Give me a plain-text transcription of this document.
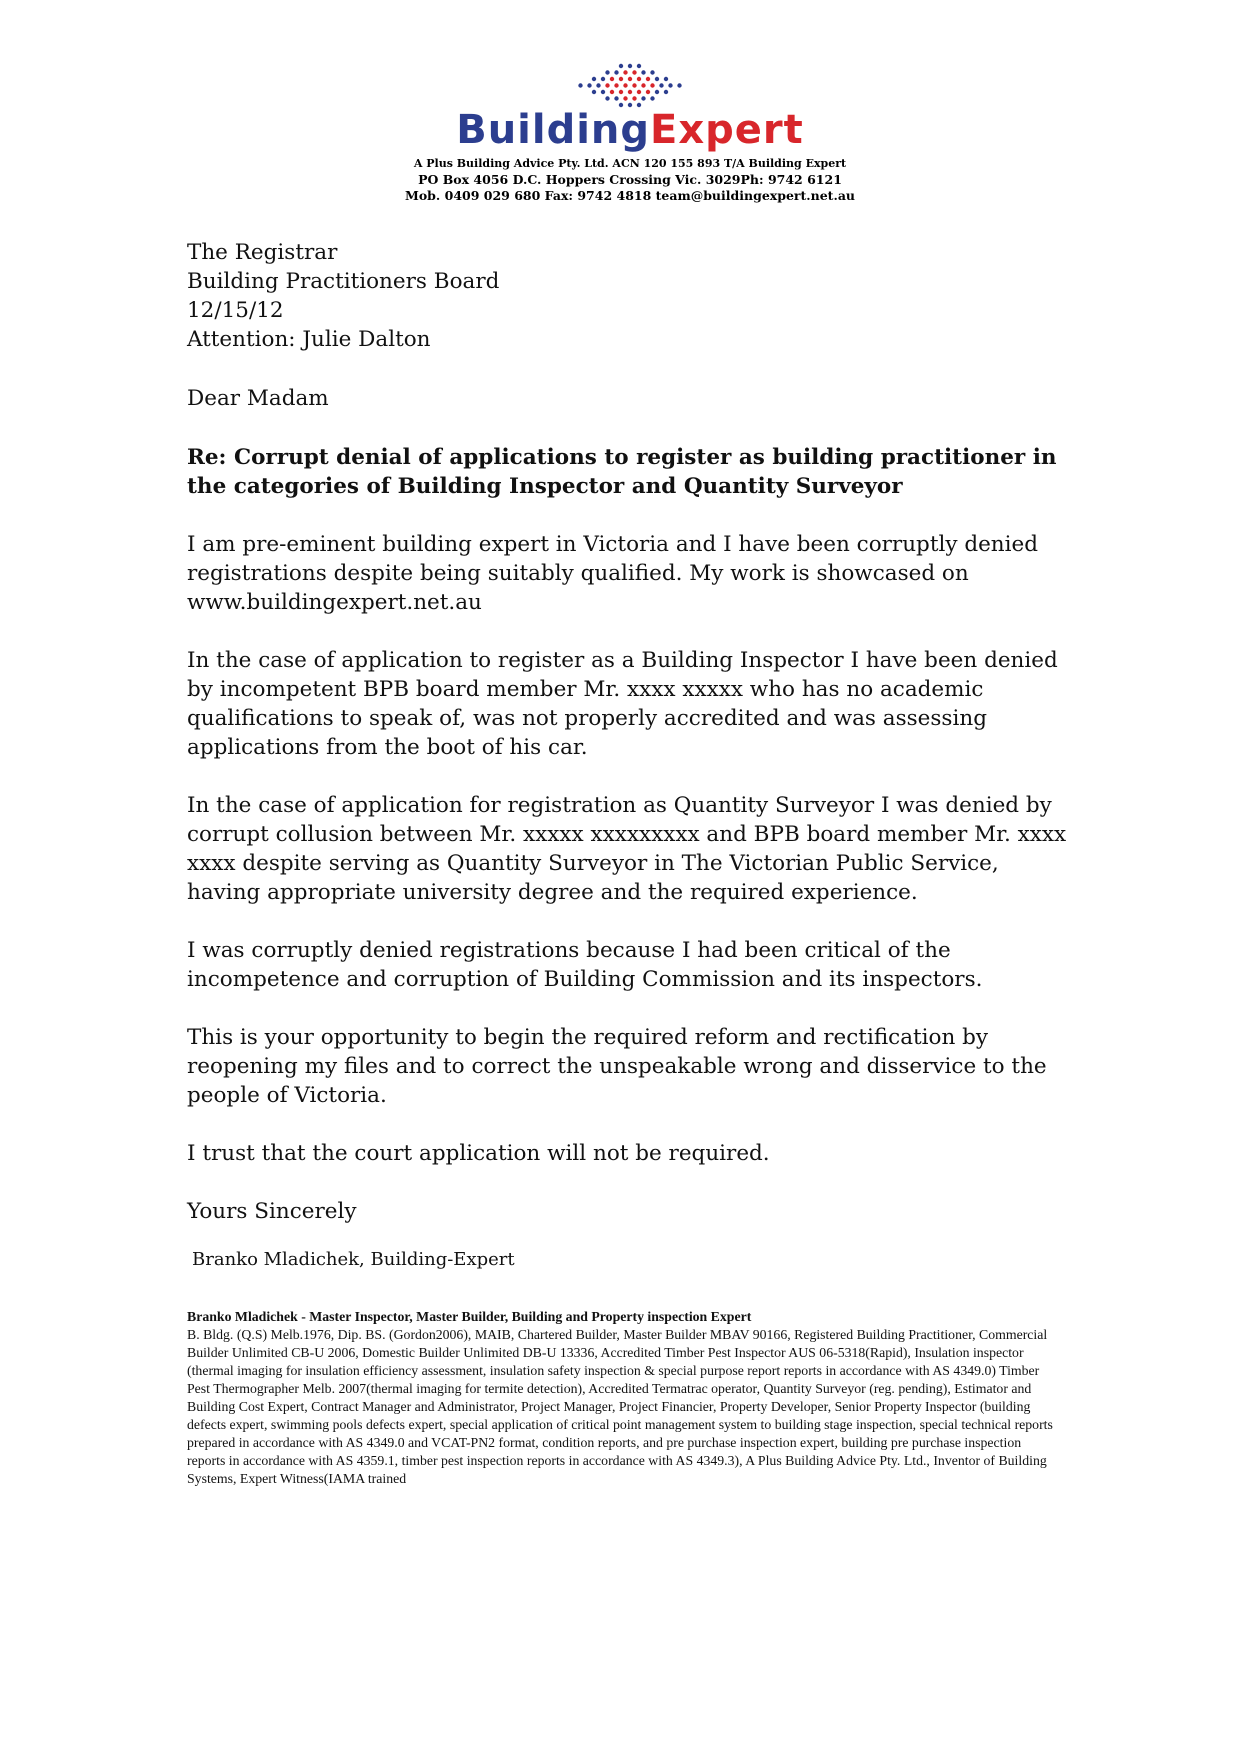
BuildingExpert
A Plus Building Advice Pty. Ltd. ACN 120 155 893 T/A Building Expert
PO Box 4056 D.C. Hoppers Crossing Vic. 3029Ph: 9742 6121
Mob. 0409 029 680 Fax: 9742 4818 team@buildingexpert.net.au
The Registrar
Building Practitioners Board
12/15/12
Attention: Julie Dalton
Dear Madam
Re: Corrupt denial of applications to register as building practitioner in the categories of Building Inspector and Quantity Surveyor
I am pre-eminent building expert in Victoria and I have been corruptly denied registrations despite being suitably qualified. My work is showcased on www.buildingexpert.net.au
In the case of application to register as a Building Inspector I have been denied by incompetent BPB board member Mr. xxxx xxxxx who has no academic qualifications to speak of, was not properly accredited and was assessing applications from the boot of his car.
In the case of application for registration as Quantity Surveyor I was denied by corrupt collusion between Mr. xxxxx xxxxxxxxx and BPB board member Mr. xxxx xxxx despite serving as Quantity Surveyor in The Victorian Public Service, having appropriate university degree and the required experience.
I was corruptly denied registrations because I had been critical of the incompetence and corruption of Building Commission and its inspectors.
This is your opportunity to begin the required reform and rectification by reopening my files and to correct the unspeakable wrong and disservice to the people of Victoria.
I trust that the court application will not be required.
Yours Sincerely
Branko Mladichek, Building-Expert
Branko Mladichek - Master Inspector, Master Builder, Building and Property inspection Expert
B. Bldg. (Q.S) Melb.1976, Dip. BS. (Gordon2006), MAIB, Chartered Builder, Master Builder MBAV 90166, Registered Building Practitioner, Commercial Builder Unlimited CB-U 2006, Domestic Builder Unlimited DB-U 13336, Accredited Timber Pest Inspector AUS 06-5318(Rapid), Insulation inspector (thermal imaging for insulation efficiency assessment, insulation safety inspection & special purpose report reports in accordance with AS 4349.0) Timber Pest Thermographer Melb. 2007(thermal imaging for termite detection), Accredited Termatrac operator, Quantity Surveyor (reg. pending), Estimator and Building Cost Expert, Contract Manager and Administrator, Project Manager, Project Financier, Property Developer, Senior Property Inspector (building defects expert, swimming pools defects expert, special application of critical point management system to building stage inspection, special technical reports prepared in accordance with AS 4349.0 and VCAT-PN2 format, condition reports, and pre purchase inspection expert, building pre purchase inspection reports in accordance with AS 4359.1, timber pest inspection reports in accordance with AS 4349.3), A Plus Building Advice Pty. Ltd., Inventor of Building Systems, Expert Witness(IAMA trained
